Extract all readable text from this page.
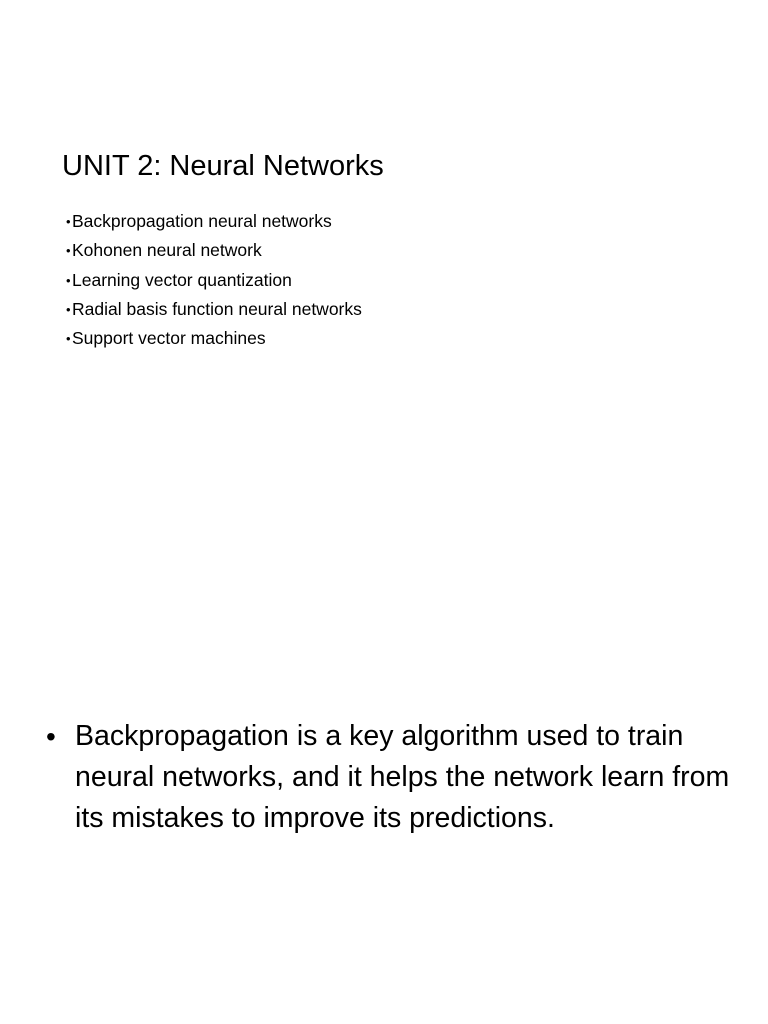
UNIT 2: Neural Networks
• Backpropagation neural networks
• Kohonen neural network
• Learning vector quantization
• Radial basis function neural networks
• Support vector machines
• Backpropagation is a key algorithm used to train neural networks, and it helps the network learn from its mistakes to improve its predictions.
